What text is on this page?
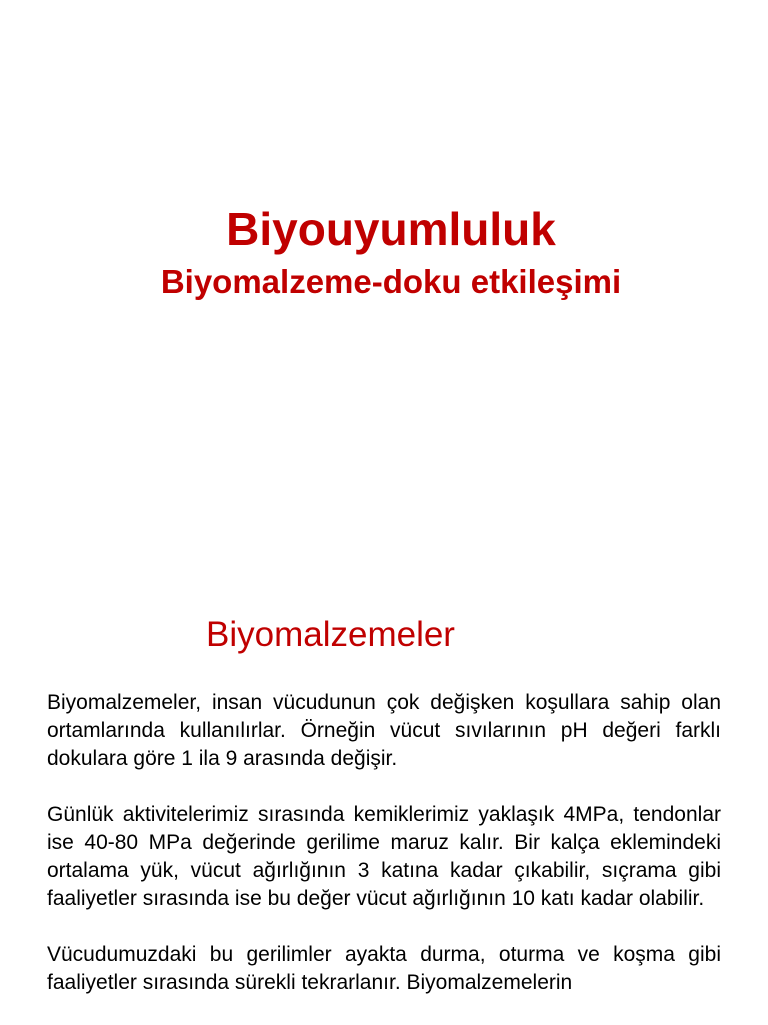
Biyouyumluluk
Biyomalzeme-doku etkileşimi
Biyomalzemeler

Biyomalzemeler, insan vücudunun çok değişken koşullara sahip olan ortamlarında kullanılırlar. Örneğin vücut sıvılarının pH değeri farklı dokulara göre 1 ila 9 arasında değişir.

Günlük aktivitelerimiz sırasında kemiklerimiz yaklaşık 4MPa, tendonlar ise 40-80 MPa değerinde gerilime maruz kalır. Bir kalça eklemindeki ortalama yük, vücut ağırlığının 3 katına kadar çıkabilir, sıçrama gibi faaliyetler sırasında ise bu değer vücut ağırlığının 10 katı kadar olabilir.

Vücudumuzdaki bu gerilimler ayakta durma, oturma ve koşma gibi faaliyetler sırasında sürekli tekrarlanır. Biyomalzemelerin
